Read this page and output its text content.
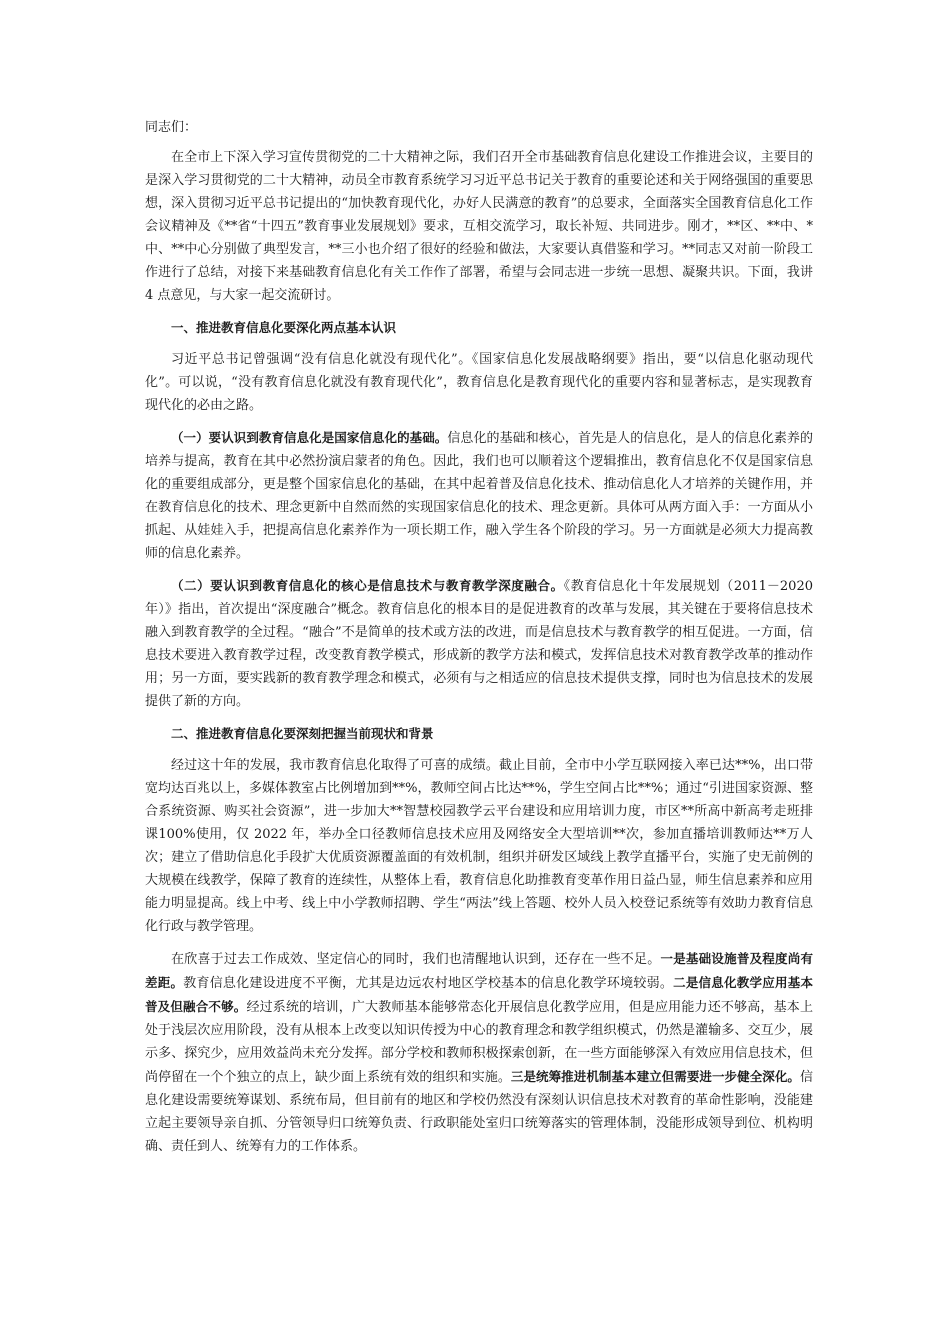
同志们：

在全市上下深入学习宣传贯彻党的二十大精神之际，我们召开全市基础教育信息化建设工作推进会议，主要目的是深入学习贯彻党的二十大精神，动员全市教育系统学习习近平总书记关于教育的重要论述和关于网络强国的重要思想，深入贯彻习近平总书记提出的“加快教育现代化，办好人民满意的教育”的总要求，全面落实全国教育信息化工作会议精神及《**省“十四五”教育事业发展规划》要求，互相交流学习，取长补短、共同进步。刚才，**区、**中、*中、**中心分别做了典型发言，**三小也介绍了很好的经验和做法，大家要认真借鉴和学习。**同志又对前一阶段工作进行了总结，对接下来基础教育信息化有关工作作了部署，希望与会同志进一步统一思想、凝聚共识。下面，我讲 4 点意见，与大家一起交流研讨。

一、推进教育信息化要深化两点基本认识

习近平总书记曾强调“没有信息化就没有现代化”。《国家信息化发展战略纲要》指出，要“以信息化驱动现代化”。可以说，“没有教育信息化就没有教育现代化”，教育信息化是教育现代化的重要内容和显著标志，是实现教育现代化的必由之路。

（一）要认识到教育信息化是国家信息化的基础。信息化的基础和核心，首先是人的信息化，是人的信息化素养的培养与提高，教育在其中必然扮演启蒙者的角色。因此，我们也可以顺着这个逻辑推出，教育信息化不仅是国家信息化的重要组成部分，更是整个国家信息化的基础，在其中起着普及信息化技术、推动信息化人才培养的关键作用，并在教育信息化的技术、理念更新中自然而然的实现国家信息化的技术、理念更新。具体可从两方面入手：一方面从小抓起、从娃娃入手，把提高信息化素养作为一项长期工作，融入学生各个阶段的学习。另一方面就是必须大力提高教师的信息化素养。

（二）要认识到教育信息化的核心是信息技术与教育教学深度融合。《教育信息化十年发展规划（2011－2020年）》指出，首次提出“深度融合”概念。教育信息化的根本目的是促进教育的改革与发展，其关键在于要将信息技术融入到教育教学的全过程。“融合”不是简单的技术或方法的改进，而是信息技术与教育教学的相互促进。一方面，信息技术要进入教育教学过程，改变教育教学模式，形成新的教学方法和模式，发挥信息技术对教育教学改革的推动作用；另一方面，要实践新的教育教学理念和模式，必须有与之相适应的信息技术提供支撑，同时也为信息技术的发展提供了新的方向。

二、推进教育信息化要深刻把握当前现状和背景

经过这十年的发展，我市教育信息化取得了可喜的成绩。截止目前，全市中小学互联网接入率已达**%，出口带宽均达百兆以上，多媒体教室占比例增加到**%，教师空间占比达**%，学生空间占比**%；通过“引进国家资源、整合系统资源、购买社会资源”，进一步加大**智慧校园教学云平台建设和应用培训力度，市区**所高中新高考走班排课100%使用，仅 2022 年，举办全口径教师信息技术应用及网络安全大型培训**次，参加直播培训教师达**万人次；建立了借助信息化手段扩大优质资源覆盖面的有效机制，组织并研发区域线上教学直播平台，实施了史无前例的大规模在线教学，保障了教育的连续性，从整体上看，教育信息化助推教育变革作用日益凸显，师生信息素养和应用能力明显提高。线上中考、线上中小学教师招聘、学生“两法”线上答题、校外人员入校登记系统等有效助力教育信息化行政与教学管理。

在欣喜于过去工作成效、坚定信心的同时，我们也清醒地认识到，还存在一些不足。一是基础设施普及程度尚有差距。教育信息化建设进度不平衡，尤其是边远农村地区学校基本的信息化教学环境较弱。二是信息化教学应用基本普及但融合不够。经过系统的培训，广大教师基本能够常态化开展信息化教学应用，但是应用能力还不够高，基本上处于浅层次应用阶段，没有从根本上改变以知识传授为中心的教育理念和教学组织模式，仍然是灌输多、交互少，展示多、探究少，应用效益尚未充分发挥。部分学校和教师积极探索创新，在一些方面能够深入有效应用信息技术，但尚停留在一个个独立的点上，缺少面上系统有效的组织和实施。三是统筹推进机制基本建立但需要进一步健全深化。信息化建设需要统筹谋划、系统布局，但目前有的地区和学校仍然没有深刻认识信息技术对教育的革命性影响，没能建立起主要领导亲自抓、分管领导归口统筹负责、行政职能处室归口统筹落实的管理体制，没能形成领导到位、机构明确、责任到人、统筹有力的工作体系。
